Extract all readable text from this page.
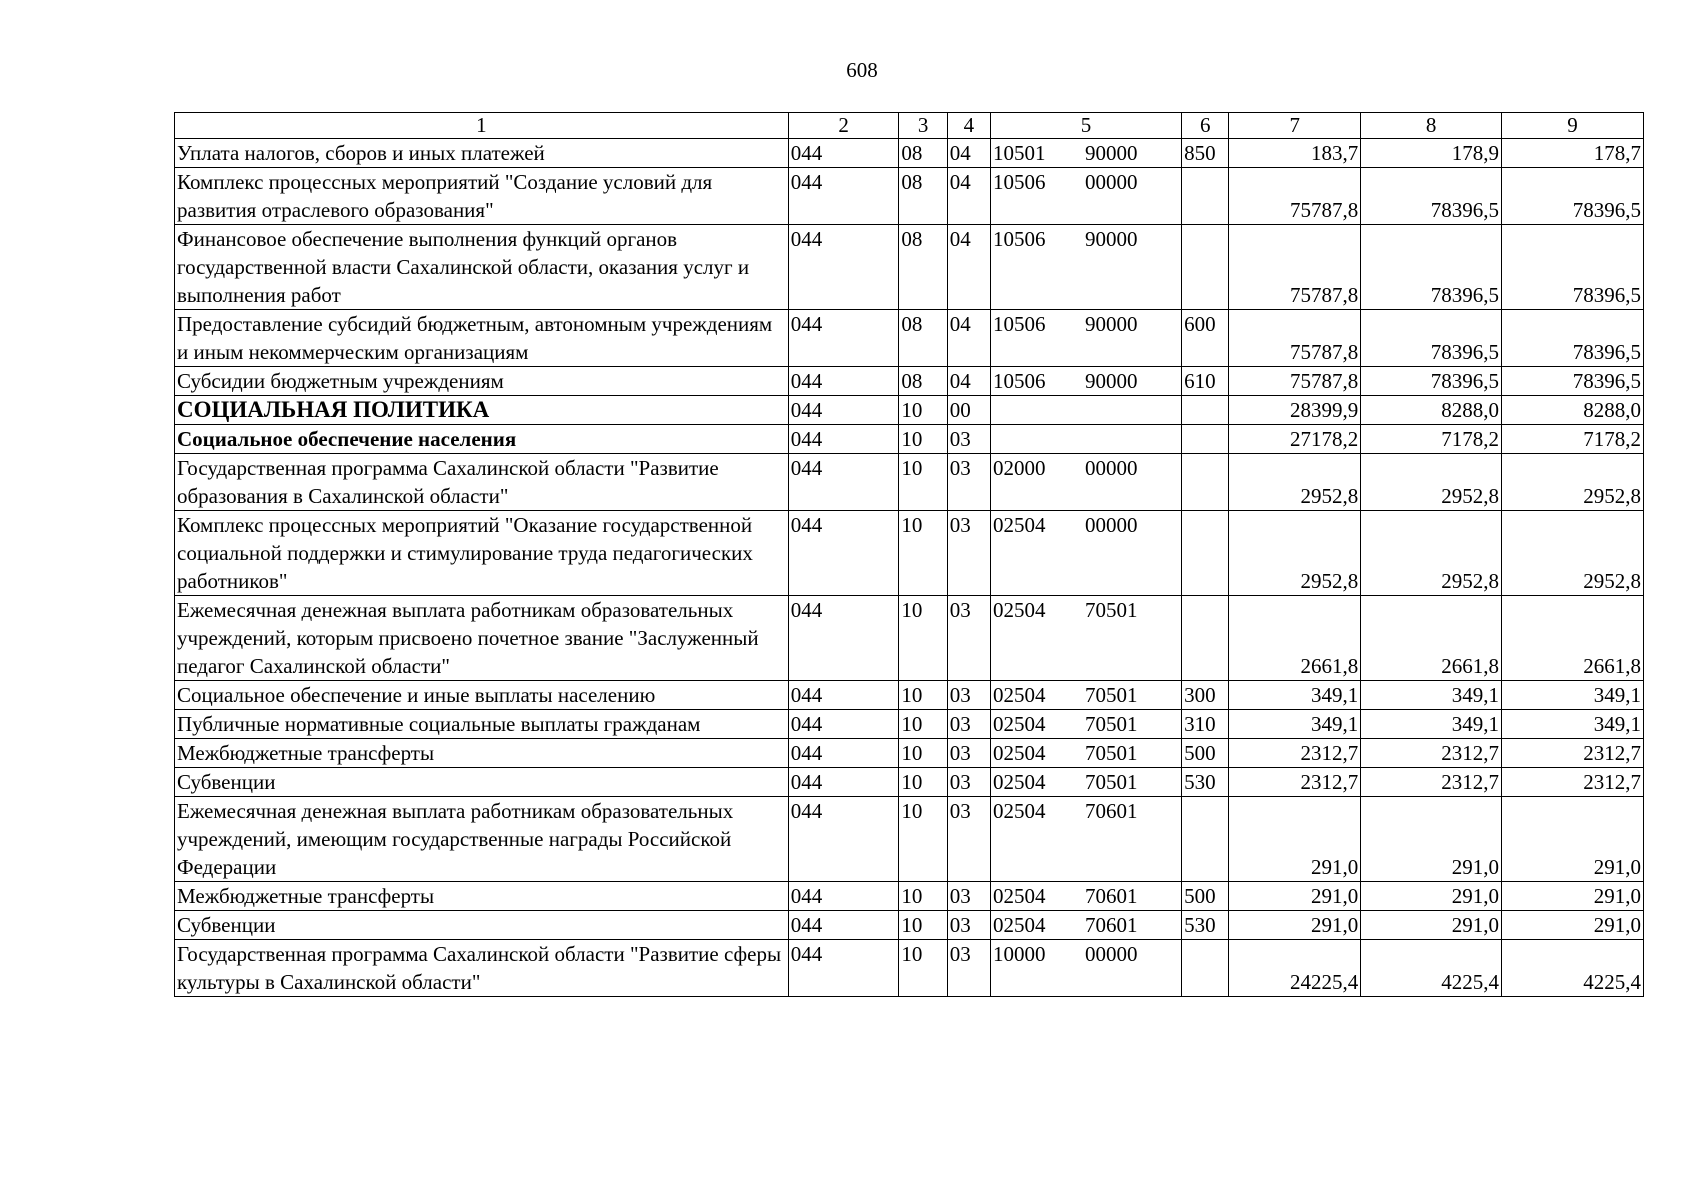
608
1	2	3	4	5	6	7	8	9
Уплата налогов, сборов и иных платежей	044	08	04	10501 90000	850	183,7	178,9	178,7
Комплекс процессных мероприятий "Создание условий для развития отраслевого образования"	044	08	04	10506 00000		75787,8	78396,5	78396,5
Финансовое обеспечение выполнения функций органов государственной власти Сахалинской области, оказания услуг и выполнения работ	044	08	04	10506 90000		75787,8	78396,5	78396,5
Предоставление субсидий бюджетным, автономным учреждениям и иным некоммерческим организациям	044	08	04	10506 90000	600	75787,8	78396,5	78396,5
Субсидии бюджетным учреждениям	044	08	04	10506 90000	610	75787,8	78396,5	78396,5
СОЦИАЛЬНАЯ ПОЛИТИКА	044	10	00			28399,9	8288,0	8288,0
Социальное обеспечение населения	044	10	03			27178,2	7178,2	7178,2
Государственная программа Сахалинской области "Развитие образования в Сахалинской области"	044	10	03	02000 00000		2952,8	2952,8	2952,8
Комплекс процессных мероприятий "Оказание государственной социальной поддержки и стимулирование труда педагогических работников"	044	10	03	02504 00000		2952,8	2952,8	2952,8
Ежемесячная денежная выплата работникам образовательных учреждений, которым присвоено почетное звание "Заслуженный педагог Сахалинской области"	044	10	03	02504 70501		2661,8	2661,8	2661,8
Социальное обеспечение и иные выплаты населению	044	10	03	02504 70501	300	349,1	349,1	349,1
Публичные нормативные социальные выплаты гражданам	044	10	03	02504 70501	310	349,1	349,1	349,1
Межбюджетные трансферты	044	10	03	02504 70501	500	2312,7	2312,7	2312,7
Субвенции	044	10	03	02504 70501	530	2312,7	2312,7	2312,7
Ежемесячная денежная выплата работникам образовательных учреждений, имеющим государственные награды Российской Федерации	044	10	03	02504 70601		291,0	291,0	291,0
Межбюджетные трансферты	044	10	03	02504 70601	500	291,0	291,0	291,0
Субвенции	044	10	03	02504 70601	530	291,0	291,0	291,0
Государственная программа Сахалинской области "Развитие сферы культуры в Сахалинской области"	044	10	03	10000 00000		24225,4	4225,4	4225,4
